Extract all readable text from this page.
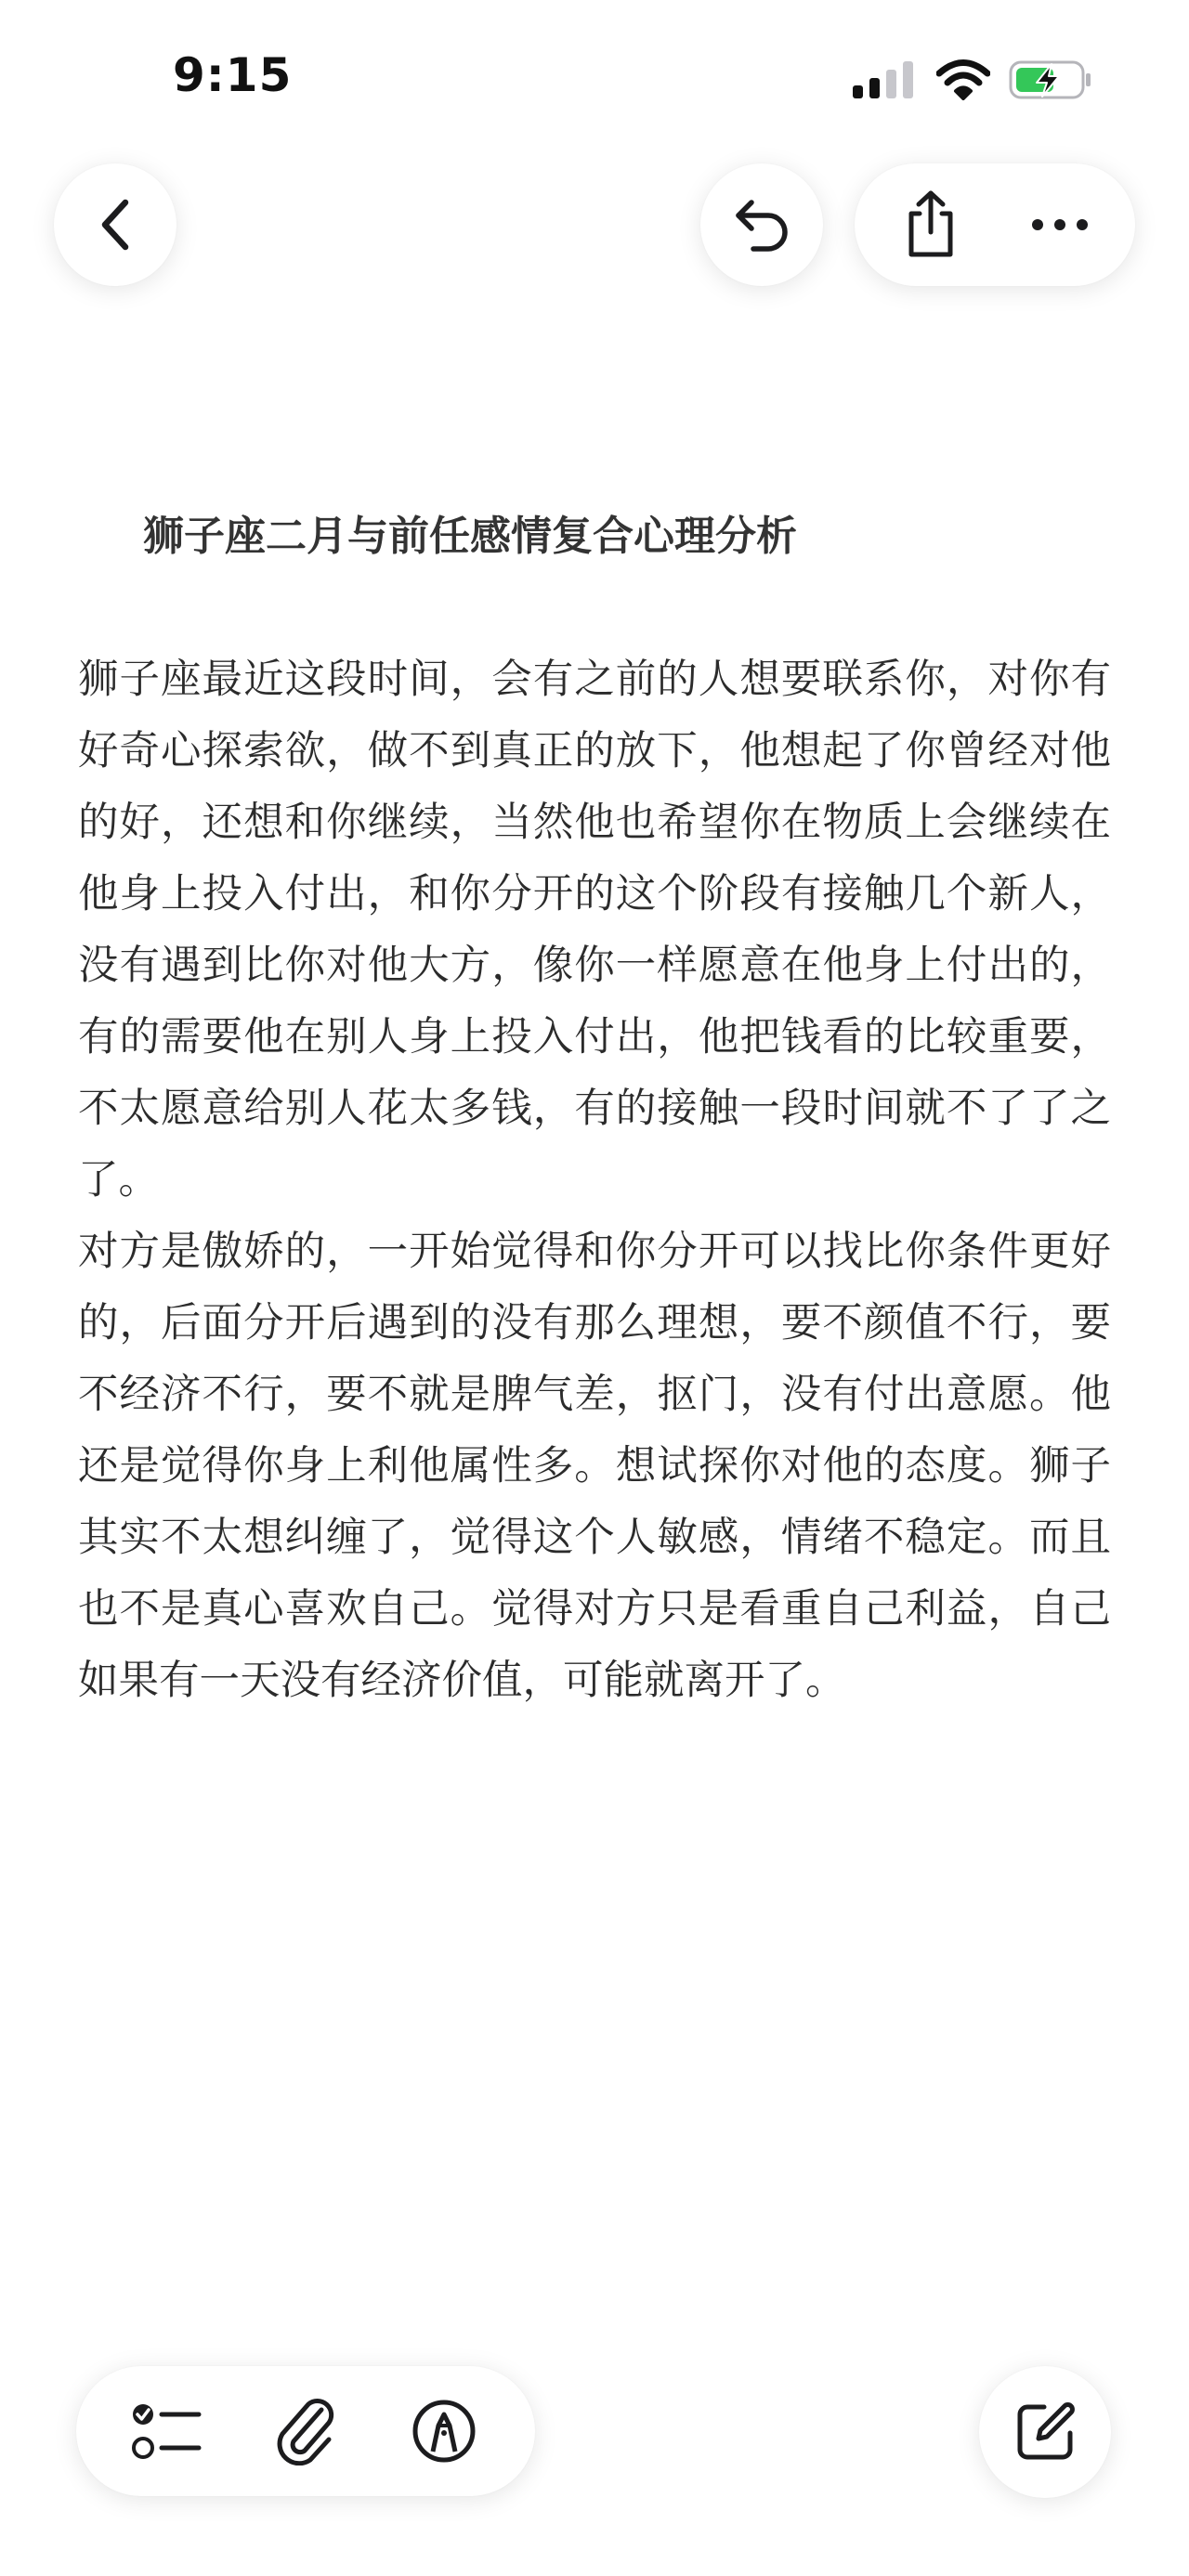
9:15
狮子座二月与前任感情复合心理分析

狮子座最近这段时间，会有之前的人想要联系你，对你有好奇心探索欲，做不到真正的放下，他想起了你曾经对他的好，还想和你继续，当然他也希望你在物质上会继续在他身上投入付出，和你分开的这个阶段有接触几个新人，没有遇到比你对他大方，像你一样愿意在他身上付出的，有的需要他在别人身上投入付出，他把钱看的比较重要，不太愿意给别人花太多钱，有的接触一段时间就不了了之了。

对方是傲娇的，一开始觉得和你分开可以找比你条件更好的，后面分开后遇到的没有那么理想，要不颜值不行，要不经济不行，要不就是脾气差，抠门，没有付出意愿。他还是觉得你身上利他属性多。想试探你对他的态度。狮子其实不太想纠缠了，觉得这个人敏感，情绪不稳定。而且也不是真心喜欢自己。觉得对方只是看重自己利益，自己如果有一天没有经济价值，可能就离开了。
